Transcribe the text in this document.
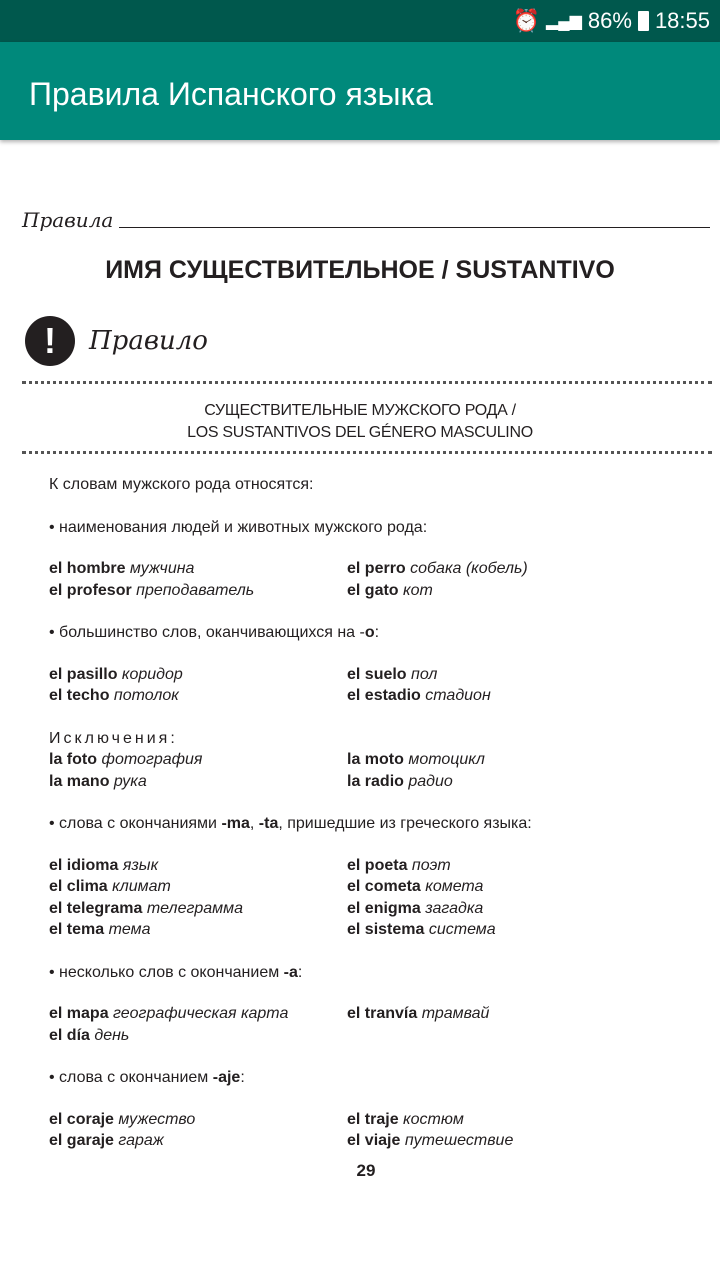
⏰ ▂▄▆ 86% 18:55
Правила Испанского языка
Правила
ИМЯ СУЩЕСТВИТЕЛЬНОЕ / SUSTANTIVO
!	Правило
СУЩЕСТВИТЕЛЬНЫЕ МУЖСКОГО РОДА /
LOS SUSTANTIVOS DEL GÉNERO MASCULINO
К словам мужского рода относятся:
• наименования людей и животных мужского рода:
el hombre мужчина	el perro собака (кобель)
el profesor преподаватель	el gato кот
• большинство слов, оканчивающихся на -o:
el pasillo коридор	el suelo пол
el techo потолок	el estadio стадион
Исключения:
la foto фотография	la moto мотоцикл
la mano рука	la radio радио
• слова с окончаниями -ma, -ta, пришедшие из греческого языка:
el idioma язык	el poeta поэт
el clima климат	el cometa комета
el telegrama телеграмма	el enigma загадка
el tema тема	el sistema система
• несколько слов с окончанием -a:
el mapa географическая карта	el tranvía трамвай
el día день
• слова с окончанием -aje:
el coraje мужество	el traje костюм
el garaje гараж	el viaje путешествие
29
